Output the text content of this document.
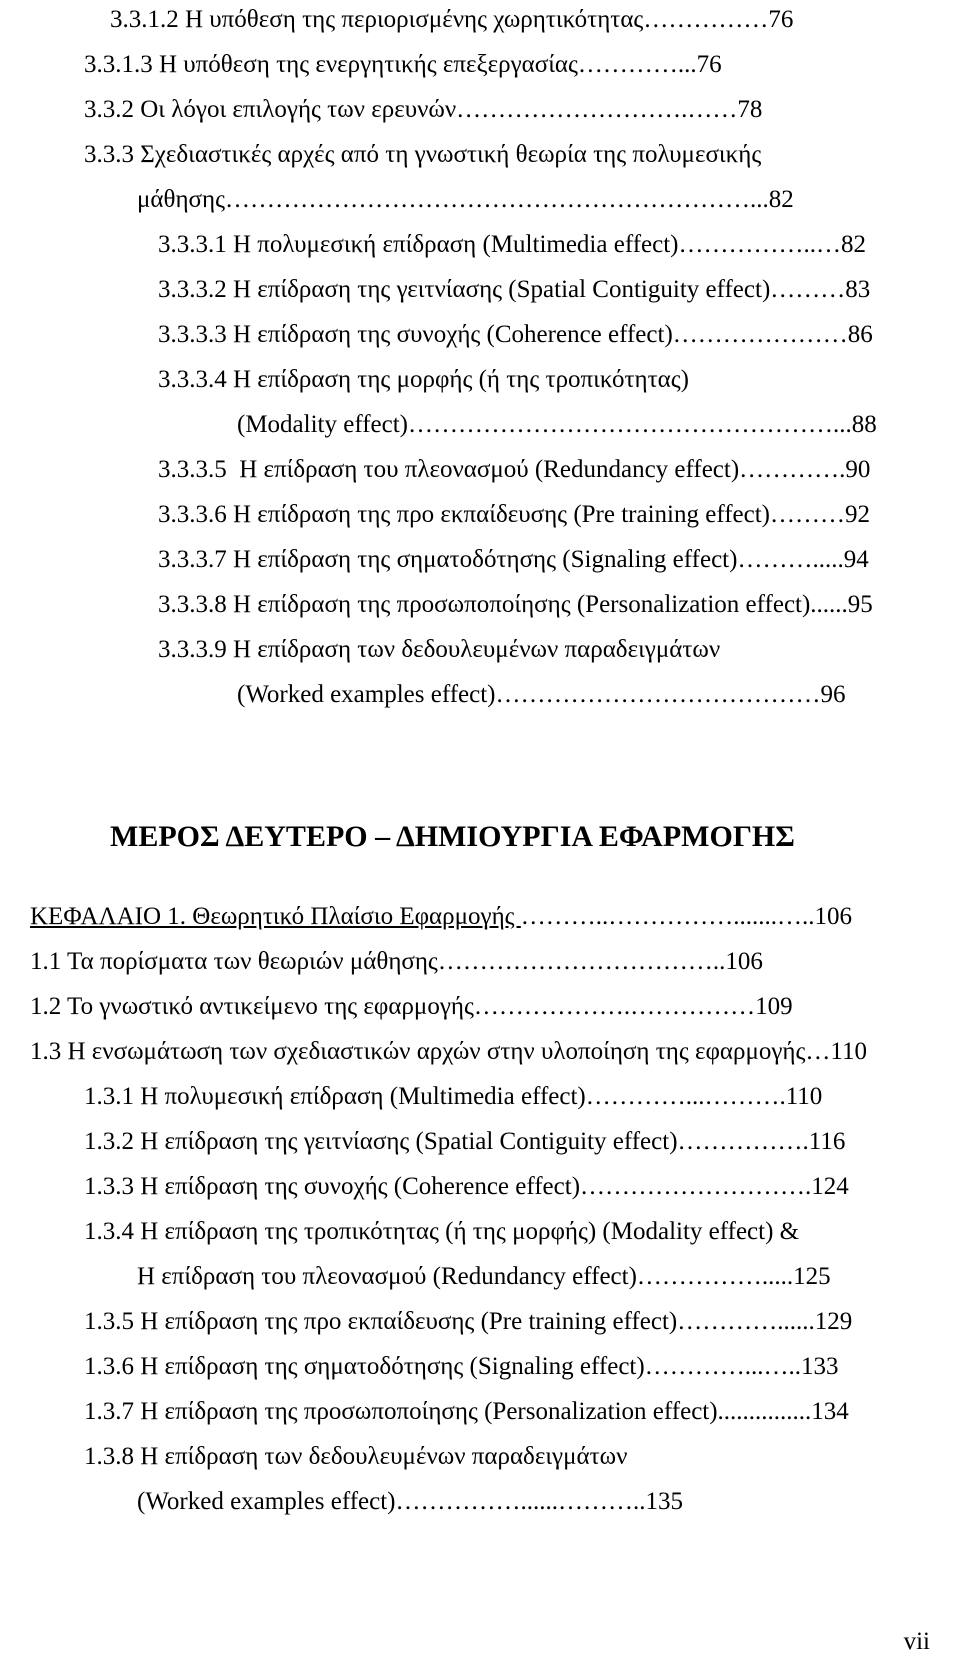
3.3.1.2 Η υπόθεση της περιορισμένης χωρητικότητας……………76
3.3.1.3 Η υπόθεση της ενεργητικής επεξεργασίας…………...76
3.3.2 Οι λόγοι επιλογής των ερευνών……………………….……78
3.3.3 Σχεδιαστικές αρχές από τη γνωστική θεωρία της πολυμεσικής
μάθησης………………………………………………………...82
3.3.3.1 Η πολυμεσική επίδραση (Multimedia effect)……………..…82
3.3.3.2 Η επίδραση της γειτνίασης (Spatial Contiguity effect)………83
3.3.3.3 Η επίδραση της συνοχής (Coherence effect)…………………86
3.3.3.4 Η επίδραση της μορφής (ή της τροπικότητας)
(Modality effect)……………………………………………...88
3.3.3.5  Η επίδραση του πλεονασμού (Redundancy effect)………….90
3.3.3.6 Η επίδραση της προ εκπαίδευσης (Pre training effect)………92
3.3.3.7 Η επίδραση της σηματοδότησης (Signaling effect)……….....94
3.3.3.8 Η επίδραση της προσωποποίησης (Personalization effect)......95
3.3.3.9 Η επίδραση των δεδουλευμένων παραδειγμάτων
(Worked examples effect)…………………………………96
ΜΕΡΟΣ ΔΕΥΤΕΡΟ – ΔΗΜΙΟΥΡΓΙΑ ΕΦΑΡΜΟΓΗΣ
ΚΕΦΑΛΑΙΟ 1. Θεωρητικό Πλαίσιο Εφαρμογής ………..…………….......…..106
1.1 Τα πορίσματα των θεωριών μάθησης……………………………..106
1.2 Το γνωστικό αντικείμενο της εφαρμογής……………….……………109
1.3 Η ενσωμάτωση των σχεδιαστικών αρχών στην υλοποίηση της εφαρμογής…110
1.3.1 Η πολυμεσική επίδραση (Multimedia effect)…………...……….110
1.3.2 Η επίδραση της γειτνίασης (Spatial Contiguity effect)…………….116
1.3.3 Η επίδραση της συνοχής (Coherence effect)……………………….124
1.3.4 Η επίδραση της τροπικότητας (ή της μορφής) (Modality effect) &
Η επίδραση του πλεονασμού (Redundancy effect)…………….....125
1.3.5 Η επίδραση της προ εκπαίδευσης (Pre training effect)…………......129
1.3.6 Η επίδραση της σηματοδότησης (Signaling effect)…………...…..133
1.3.7 Η επίδραση της προσωποποίησης (Personalization effect)...............134
1.3.8 Η επίδραση των δεδουλευμένων παραδειγμάτων
(Worked examples effect)……………......………..135
vii
